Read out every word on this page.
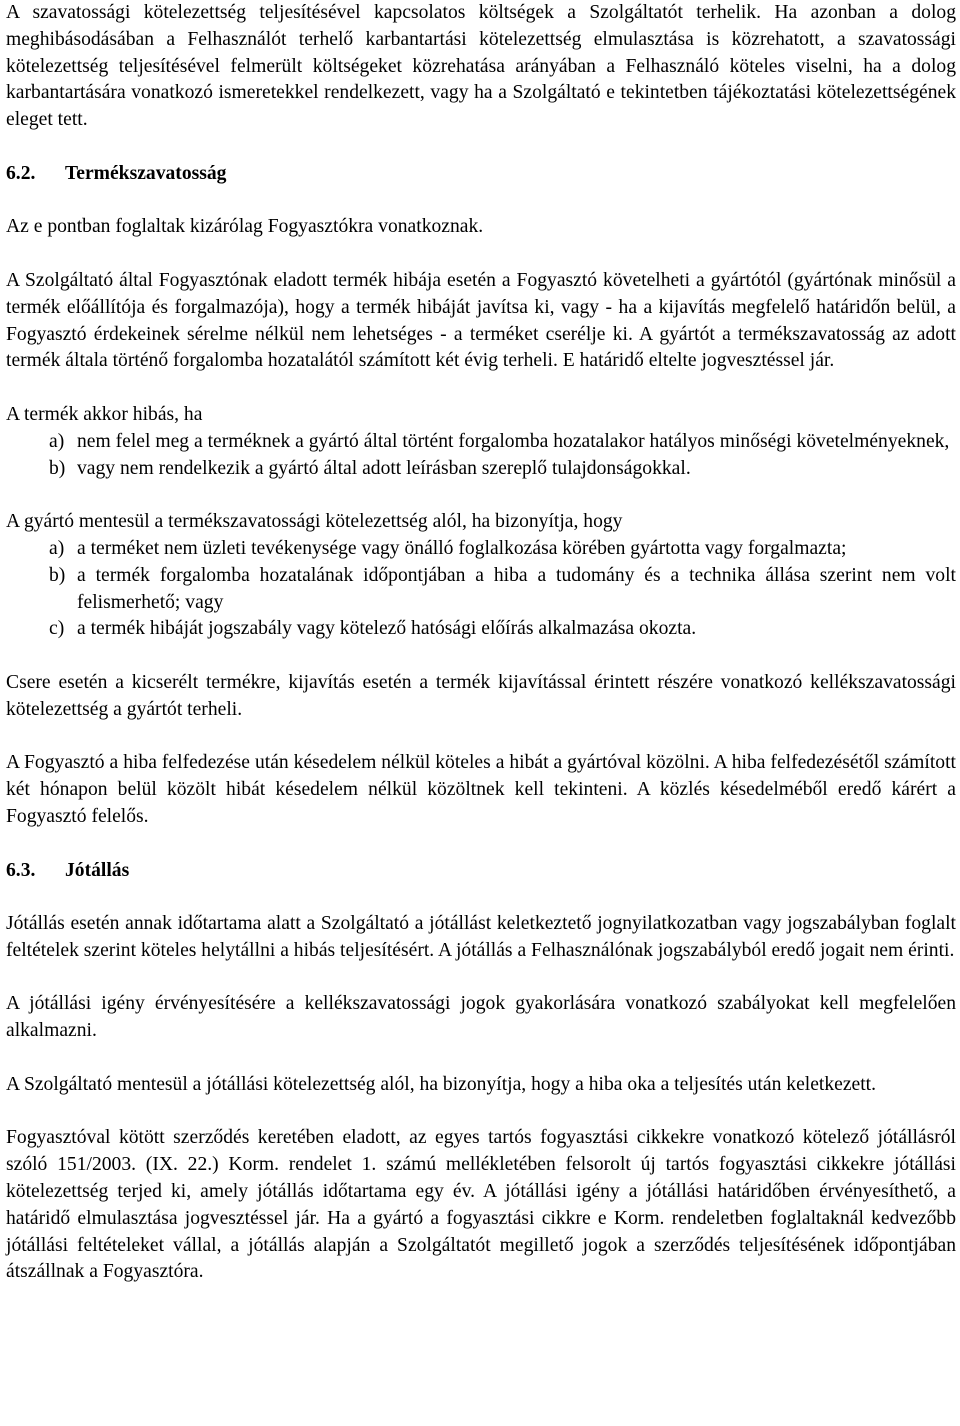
A szavatossági kötelezettség teljesítésével kapcsolatos költségek a Szolgáltatót terhelik. Ha azonban a dolog meghibásodásában a Felhasználót terhelő karbantartási kötelezettség elmulasztása is közrehatott, a szavatossági kötelezettség teljesítésével felmerült költségeket közrehatása arányában a Felhasználó köteles viselni, ha a dolog karbantartására vonatkozó ismeretekkel rendelkezett, vagy ha a Szolgáltató e tekintetben tájékoztatási kötelezettségének eleget tett.

6.2. Termékszavatosság

Az e pontban foglaltak kizárólag Fogyasztókra vonatkoznak.

A Szolgáltató által Fogyasztónak eladott termék hibája esetén a Fogyasztó követelheti a gyártótól (gyártónak minősül a termék előállítója és forgalmazója), hogy a termék hibáját javítsa ki, vagy - ha a kijavítás megfelelő határidőn belül, a Fogyasztó érdekeinek sérelme nélkül nem lehetséges - a terméket cserélje ki. A gyártót a termékszavatosság az adott termék általa történő forgalomba hozatalától számított két évig terheli. E határidő eltelte jogvesztéssel jár.

A termék akkor hibás, ha

a) nem felel meg a terméknek a gyártó által történt forgalomba hozatalakor hatályos minőségi követelményeknek,
b) vagy nem rendelkezik a gyártó által adott leírásban szereplő tulajdonságokkal.

A gyártó mentesül a termékszavatossági kötelezettség alól, ha bizonyítja, hogy

a) a terméket nem üzleti tevékenysége vagy önálló foglalkozása körében gyártotta vagy forgalmazta;
b) a termék forgalomba hozatalának időpontjában a hiba a tudomány és a technika állása szerint nem volt felismerhető; vagy
c) a termék hibáját jogszabály vagy kötelező hatósági előírás alkalmazása okozta.

Csere esetén a kicserélt termékre, kijavítás esetén a termék kijavítással érintett részére vonatkozó kellékszavatossági kötelezettség a gyártót terheli.

A Fogyasztó a hiba felfedezése után késedelem nélkül köteles a hibát a gyártóval közölni. A hiba felfedezésétől számított két hónapon belül közölt hibát késedelem nélkül közöltnek kell tekinteni. A közlés késedelméből eredő kárért a Fogyasztó felelős.

6.3. Jótállás

Jótállás esetén annak időtartama alatt a Szolgáltató a jótállást keletkeztető jognyilatkozatban vagy jogszabályban foglalt feltételek szerint köteles helytállni a hibás teljesítésért. A jótállás a Felhasználónak jogszabályból eredő jogait nem érinti.

A jótállási igény érvényesítésére a kellékszavatossági jogok gyakorlására vonatkozó szabályokat kell megfelelően alkalmazni.

A Szolgáltató mentesül a jótállási kötelezettség alól, ha bizonyítja, hogy a hiba oka a teljesítés után keletkezett.

Fogyasztóval kötött szerződés keretében eladott, az egyes tartós fogyasztási cikkekre vonatkozó kötelező jótállásról szóló 151/2003. (IX. 22.) Korm. rendelet 1. számú mellékletében felsorolt új tartós fogyasztási cikkekre jótállási kötelezettség terjed ki, amely jótállás időtartama egy év. A jótállási igény a jótállási határidőben érvényesíthető, a határidő elmulasztása jogvesztéssel jár. Ha a gyártó a fogyasztási cikkre e Korm. rendeletben foglaltaknál kedvezőbb jótállási feltételeket vállal, a jótállás alapján a Szolgáltatót megillető jogok a szerződés teljesítésének időpontjában átszállnak a Fogyasztóra.
